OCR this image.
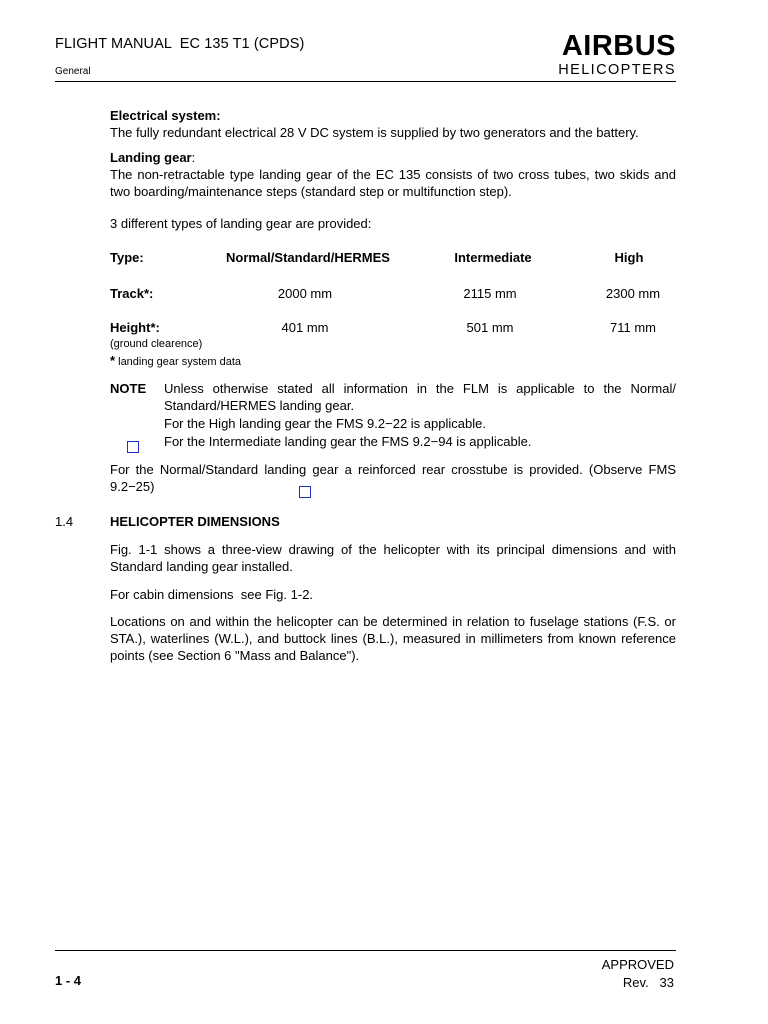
FLIGHT MANUAL  EC 135 T1 (CPDS)
General
AIRBUS
HELICOPTERS
Electrical system:
The fully redundant electrical 28 V DC system is supplied by two generators and the battery.
Landing gear:
The non-retractable type landing gear of the EC 135 consists of two cross tubes, two skids and two boarding/maintenance steps (standard step or multifunction step).
3 different types of landing gear are provided:
Type:	Normal/Standard/HERMES	Intermediate	High
Track*:	2000 mm	2115 mm	2300 mm
Height*:	401 mm	501 mm	711 mm
(ground clearence)
* landing gear system data
NOTE Unless otherwise stated all information in the FLM is applicable to the Normal/ Standard/HERMES landing gear.
For the High landing gear the FMS 9.2−22 is applicable.
For the Intermediate landing gear the FMS 9.2−94 is applicable.
For the Normal/Standard landing gear a reinforced rear crosstube is provided. (Observe FMS 9.2−25)
1.4	HELICOPTER DIMENSIONS
Fig. 1-1 shows a three-view drawing of the helicopter with its principal dimensions and with Standard landing gear installed.
For cabin dimensions  see Fig. 1-2.
Locations on and within the helicopter can be determined in relation to fuselage stations (F.S. or STA.), waterlines (W.L.), and buttock lines (B.L.), measured in millimeters from known reference points (see Section 6 "Mass and Balance").
1 - 4
APPROVED
Rev. 33
